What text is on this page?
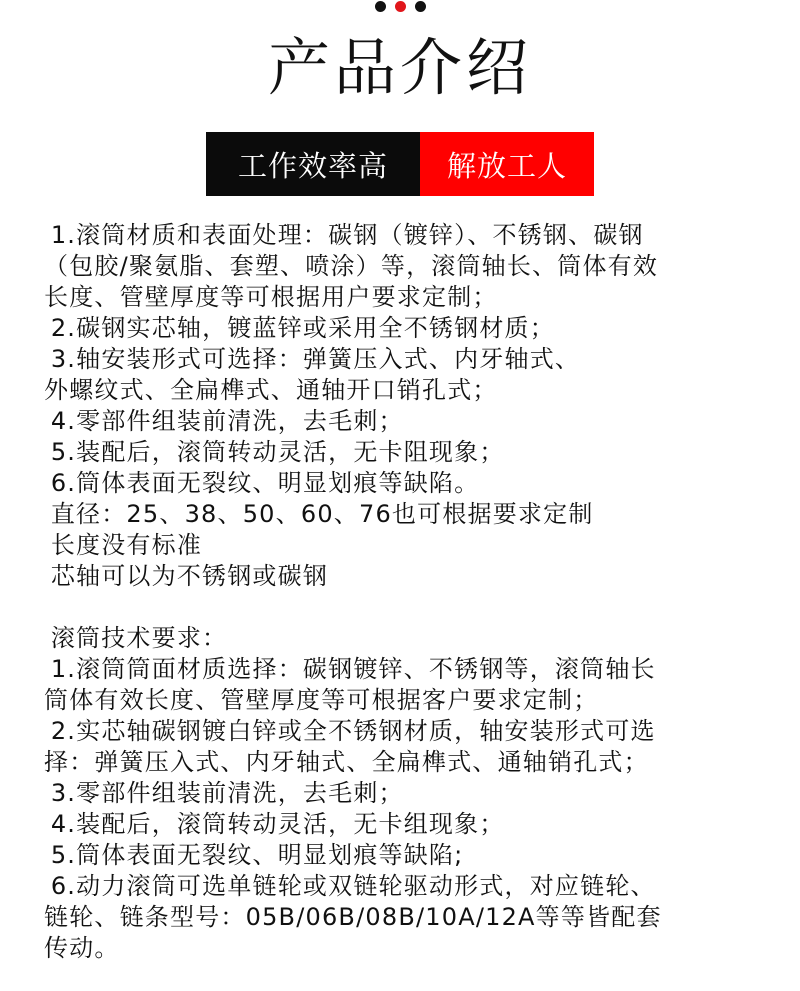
产品介绍
工作效率高	解放工人
1.滚筒材质和表面处理：碳钢（镀锌）、不锈钢、碳钢
（包胶/聚氨脂、套塑、喷涂）等，滚筒轴长、筒体有效
长度、管壁厚度等可根据用户要求定制；
2.碳钢实芯轴，镀蓝锌或采用全不锈钢材质；
3.轴安装形式可选择：弹簧压入式、内牙轴式、
外螺纹式、全扁榫式、通轴开口销孔式；
4.零部件组装前清洗，去毛刺；
5.装配后，滚筒转动灵活，无卡阻现象；
6.筒体表面无裂纹、明显划痕等缺陷。
直径：25、38、50、60、76也可根据要求定制
长度没有标准
芯轴可以为不锈钢或碳钢
滚筒技术要求：
1.滚筒筒面材质选择：碳钢镀锌、不锈钢等，滚筒轴长
筒体有效长度、管壁厚度等可根据客户要求定制；
2.实芯轴碳钢镀白锌或全不锈钢材质，轴安装形式可选
择：弹簧压入式、内牙轴式、全扁榫式、通轴销孔式；
3.零部件组装前清洗，去毛刺；
4.装配后，滚筒转动灵活，无卡组现象；
5.筒体表面无裂纹、明显划痕等缺陷;
6.动力滚筒可选单链轮或双链轮驱动形式，对应链轮、
链轮、链条型号：05B/06B/08B/10A/12A等等皆配套
传动。
